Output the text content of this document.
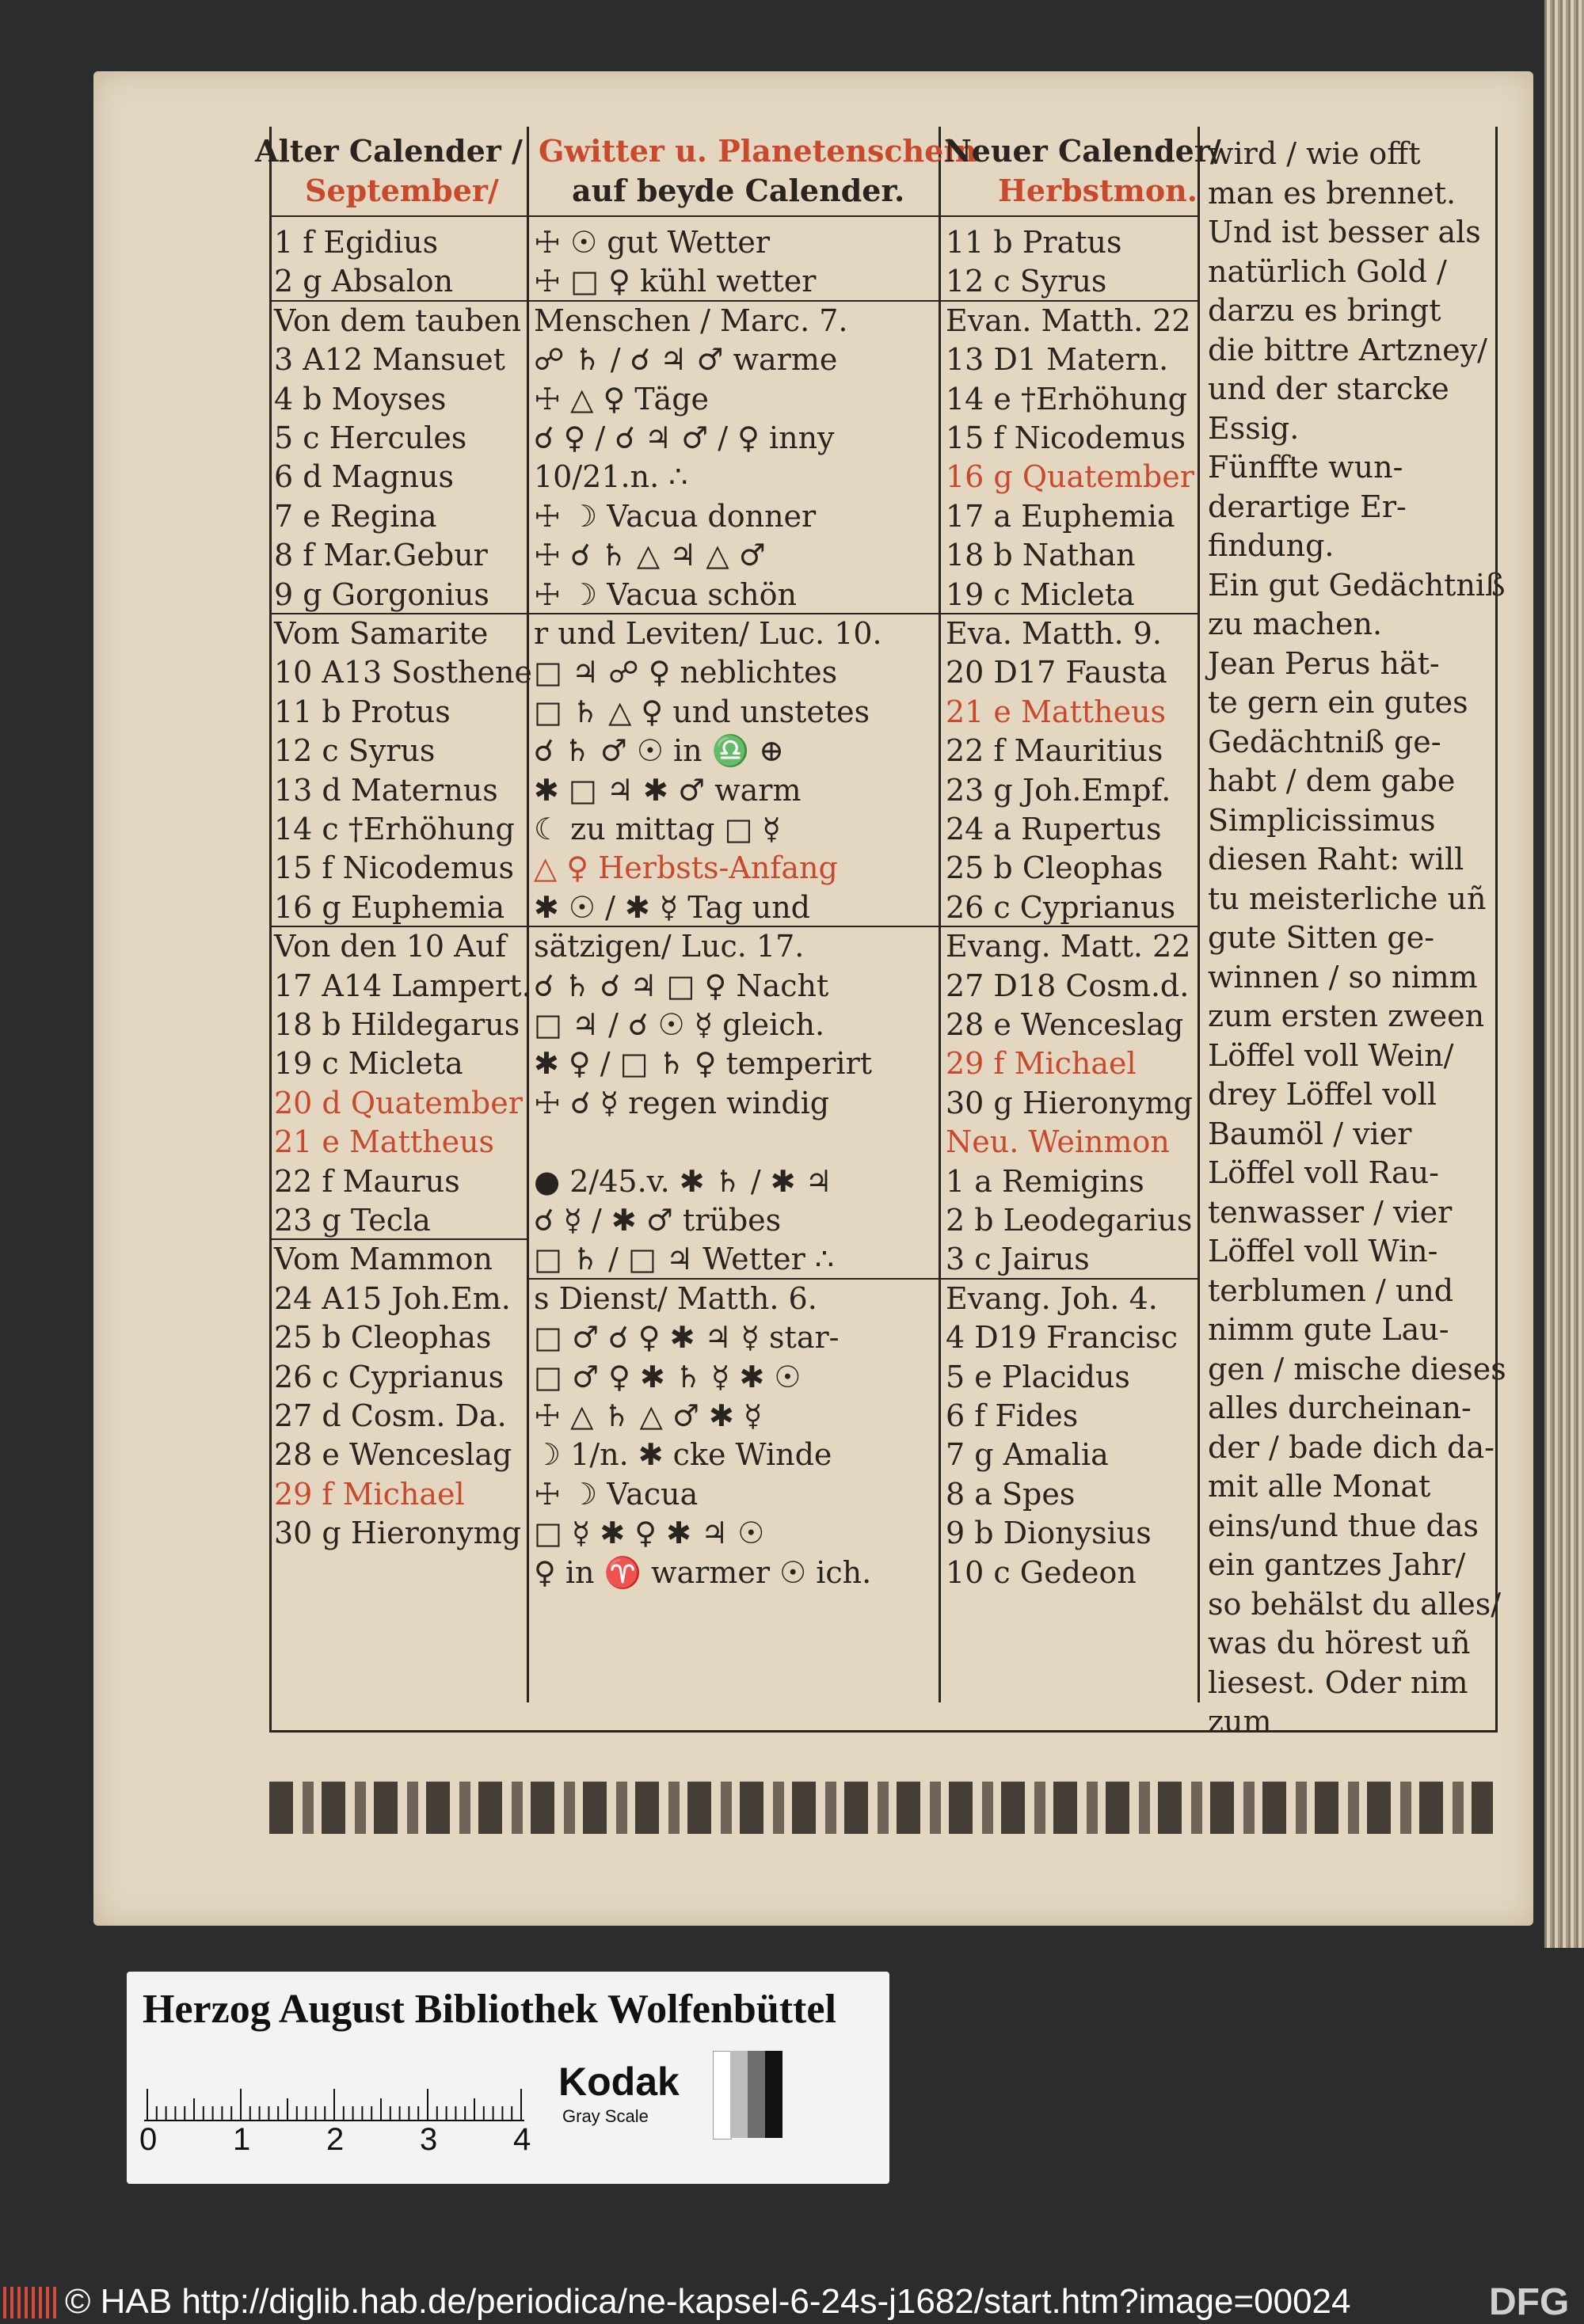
Alter Calender /
September/
Gwitter u. Planetenschein
auf beyde Calender.
Neuer Calender/
Herbstmon.
1 f Egidius
2 g Absalon
Von dem tauben
3 A12 Mansuet
4 b Moyses
5 c Hercules
6 d Magnus
7 e Regina
8 f Mar.Gebur
9 g Gorgonius
Vom Samarite
10 A13 Sosthene
11 b Protus
12 c Syrus
13 d Maternus
14 c †Erhöhung
15 f Nicodemus
16 g Euphemia
Von den 10 Auf
17 A14 Lampert.
18 b Hildegarus
19 c Micleta
20 d Quatember
21 e Mattheus
22 f Maurus
23 g Tecla
Vom Mammon
24 A15 Joh.Em.
25 b Cleophas
26 c Cyprianus
27 d Cosm. Da.
28 e Wenceslag
29 f Michael
30 g Hieronymg
☩ ☉ gut Wetter
☩ □ ♀ kühl wetter
Menschen / Marc. 7.
☍ ♄ / ☌ ♃ ♂ warme
☩ △ ♀ Täge
☌ ♀ / ☌ ♃ ♂ / ♀ inny
10/21.n. ∴
☩ ☽ Vacua donner
☩ ☌ ♄ △ ♃ △ ♂
☩ ☽ Vacua schön
r und Leviten/ Luc. 10.
□ ♃ ☍ ♀ neblichtes
□ ♄ △ ♀ und unstetes
☌ ♄ ♂ ☉ in ♎ ⊕
✱ □ ♃ ✱ ♂ warm
☾ zu mittag □ ☿
△ ♀ Herbsts-Anfang
✱ ☉ / ✱ ☿ Tag und
sätzigen/ Luc. 17.
☌ ♄ ☌ ♃ □ ♀ Nacht
□ ♃ / ☌ ☉ ☿ gleich.
✱ ♀ / □ ♄ ♀ temperirt
☩ ☌ ☿ regen windig
● 2/45.v. ✱ ♄ / ✱ ♃
☌ ☿ / ✱ ♂ trübes
□ ♄ / □ ♃ Wetter ∴
s Dienst/ Matth. 6.
□ ♂ ☌ ♀ ✱ ♃ ☿ star-
□ ♂ ♀ ✱ ♄ ☿ ✱ ☉
☩ △ ♄ △ ♂ ✱ ☿
☽ 1/n. ✱ cke Winde
☩ ☽ Vacua
□ ☿ ✱ ♀ ✱ ♃ ☉
♀ in ♈ warmer ☉ ich.
11 b Pratus
12 c Syrus
Evan. Matth. 22
13 D1 Matern.
14 e †Erhöhung
15 f Nicodemus
16 g Quatember
17 a Euphemia
18 b Nathan
19 c Micleta
Eva. Matth. 9.
20 D17 Fausta
21 e Mattheus
22 f Mauritius
23 g Joh.Empf.
24 a Rupertus
25 b Cleophas
26 c Cyprianus
Evang. Matt. 22
27 D18 Cosm.d.
28 e Wenceslag
29 f Michael
30 g Hieronymg
Neu. Weinmon
1 a Remigins
2 b Leodegarius
3 c Jairus
Evang. Joh. 4.
4 D19 Francisc
5 e Placidus
6 f Fides
7 g Amalia
8 a Spes
9 b Dionysius
10 c Gedeon
wird / wie offt
man es brennet.
Und ist besser als
natürlich Gold /
darzu es bringt
die bittre Artzney/
und der starcke
Essig.
Fünffte wun-
derartige Er-
findung.
Ein gut Gedächtniß
zu machen.
Jean Perus hät-
te gern ein gutes
Gedächtniß ge-
habt / dem gabe
Simplicissimus
diesen Raht: will
tu meisterliche uñ
gute Sitten ge-
winnen / so nimm
zum ersten zween
Löffel voll Wein/
drey Löffel voll
Baumöl / vier
Löffel voll Rau-
tenwasser / vier
Löffel voll Win-
terblumen / und
nimm gute Lau-
gen / mische dieses
alles durcheinan-
der / bade dich da-
mit alle Monat
eins/und thue das
ein gantzes Jahr/
so behälst du alles/
was du hörest uñ
liesest. Oder nim
zum
Herzog August Bibliothek Wolfenbüttel
0 1 2 3 4
Kodak
Gray Scale
© HAB http://diglib.hab.de/periodica/ne-kapsel-6-24s-j1682/start.htm?image=00024	DFG
